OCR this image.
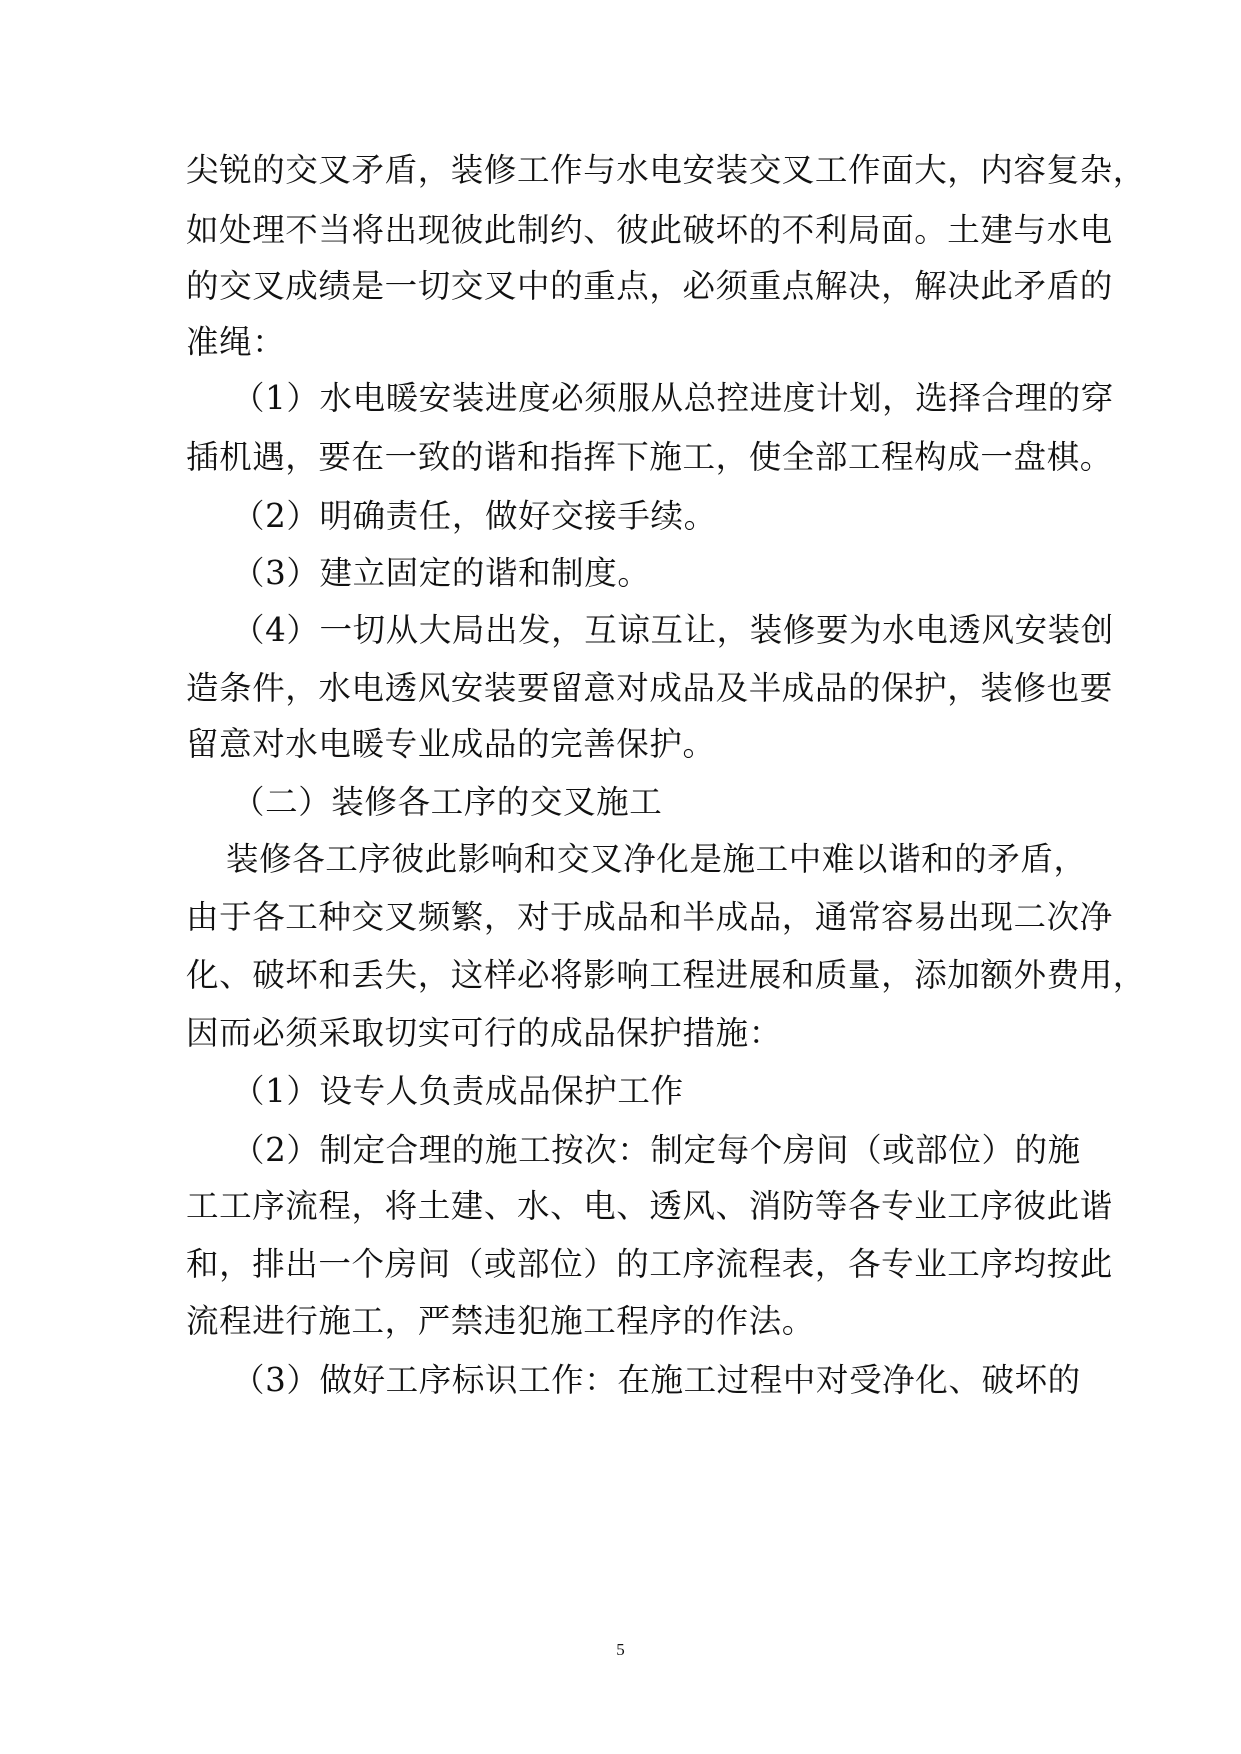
尖锐的交叉矛盾，装修工作与水电安装交叉工作面大，内容复杂，
如处理不当将出现彼此制约、彼此破坏的不利局面。土建与水电
的交叉成绩是一切交叉中的重点，必须重点解决，解决此矛盾的
准绳：
（1）水电暖安装进度必须服从总控进度计划，选择合理的穿
插机遇，要在一致的谐和指挥下施工，使全部工程构成一盘棋。
（2）明确责任，做好交接手续。
（3）建立固定的谐和制度。
（4）一切从大局出发，互谅互让，装修要为水电透风安装创
造条件，水电透风安装要留意对成品及半成品的保护，装修也要
留意对水电暖专业成品的完善保护。
（二）装修各工序的交叉施工
装修各工序彼此影响和交叉净化是施工中难以谐和的矛盾，
由于各工种交叉频繁，对于成品和半成品，通常容易出现二次净
化、破坏和丢失，这样必将影响工程进展和质量，添加额外费用，
因而必须采取切实可行的成品保护措施：
（1）设专人负责成品保护工作
（2）制定合理的施工按次：制定每个房间（或部位）的施
工工序流程，将土建、水、电、透风、消防等各专业工序彼此谐
和，排出一个房间（或部位）的工序流程表，各专业工序均按此
流程进行施工，严禁违犯施工程序的作法。
（3）做好工序标识工作：在施工过程中对受净化、破坏的
5
